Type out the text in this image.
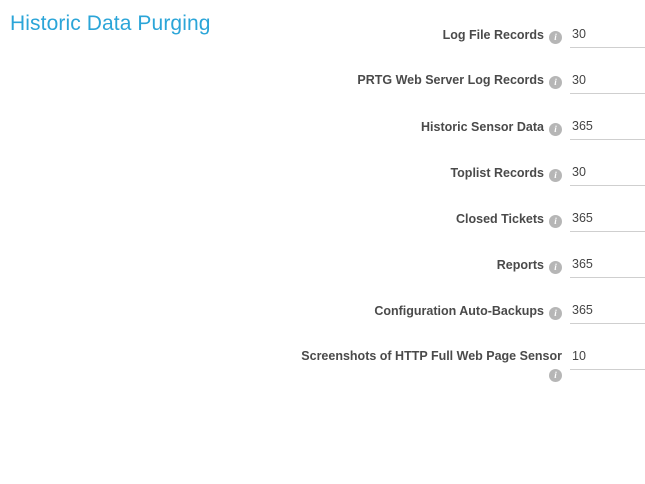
Historic Data Purging	Log File Records i
30
PRTG Web Server Log Records i
30
Historic Sensor Data i
365
Toplist Records i
30
Closed Tickets i
365
Reports i
365
Configuration Auto-Backups i
365
Screenshots of HTTP Full Web Page Sensori
10
